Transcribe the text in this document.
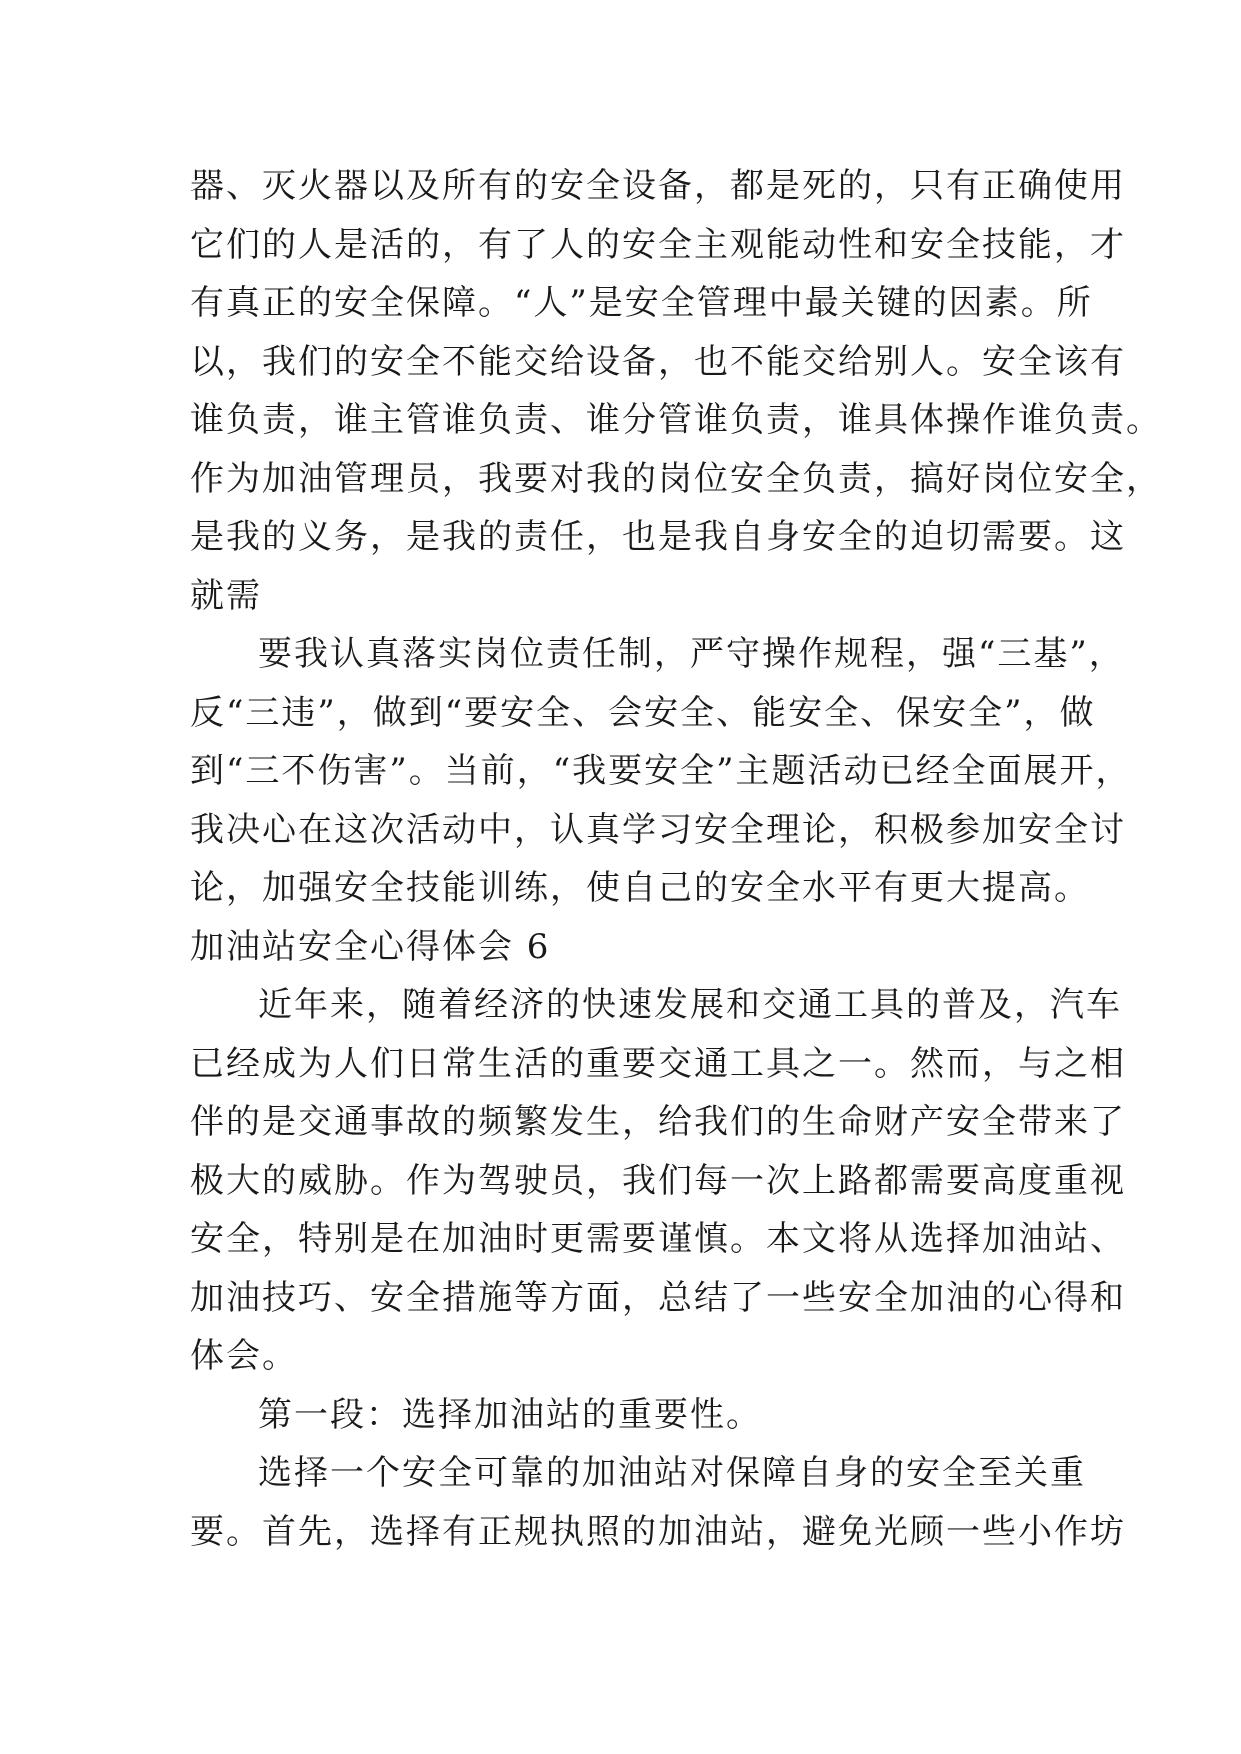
器、灭火器以及所有的安全设备，都是死的，只有正确使用
它们的人是活的，有了人的安全主观能动性和安全技能，才
有真正的安全保障。“人”是安全管理中最关键的因素。所
以，我们的安全不能交给设备，也不能交给别人。安全该有
谁负责，谁主管谁负责、谁分管谁负责，谁具体操作谁负责。
作为加油管理员，我要对我的岗位安全负责，搞好岗位安全，
是我的义务，是我的责任，也是我自身安全的迫切需要。这
就需
要我认真落实岗位责任制，严守操作规程，强“三基”，
反“三违”，做到“要安全、会安全、能安全、保安全”，做
到“三不伤害”。当前，“我要安全”主题活动已经全面展开，
我决心在这次活动中，认真学习安全理论，积极参加安全讨
论，加强安全技能训练，使自己的安全水平有更大提高。
加油站安全心得体会 6
近年来，随着经济的快速发展和交通工具的普及，汽车
已经成为人们日常生活的重要交通工具之一。然而，与之相
伴的是交通事故的频繁发生，给我们的生命财产安全带来了
极大的威胁。作为驾驶员，我们每一次上路都需要高度重视
安全，特别是在加油时更需要谨慎。本文将从选择加油站、
加油技巧、安全措施等方面，总结了一些安全加油的心得和
体会。
第一段：选择加油站的重要性。
选择一个安全可靠的加油站对保障自身的安全至关重
要。首先，选择有正规执照的加油站，避免光顾一些小作坊
